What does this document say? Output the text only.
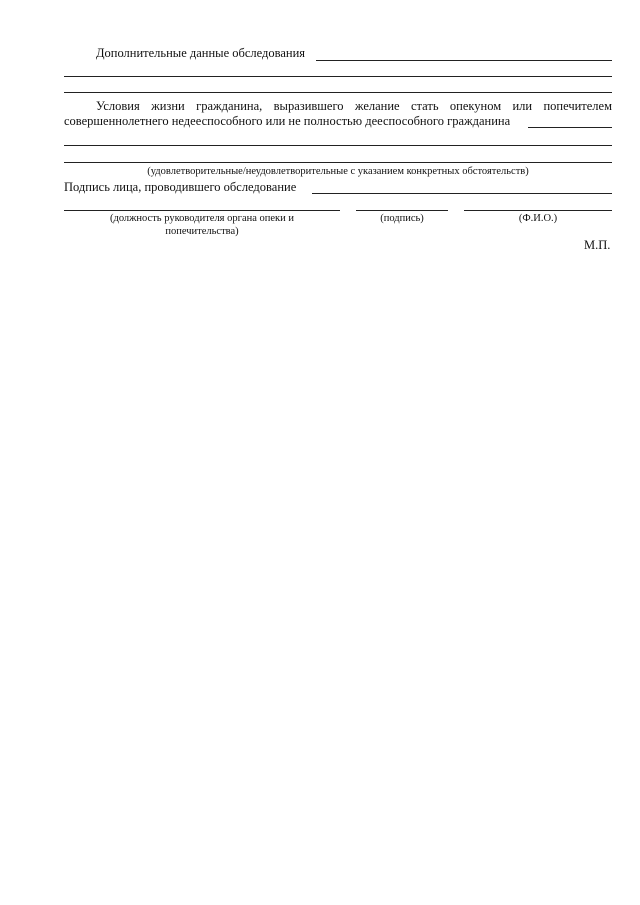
Дополнительные данные обследования
Условия жизни гражданина, выразившего желание стать опекуном или попечителем
совершеннолетнего недееспособного или не полностью дееспособного гражданина
(удовлетворительные/неудовлетворительные с указанием конкретных обстоятельств)
Подпись лица, проводившего обследование
(должность руководителя органа опеки и
попечительства)
(подпись)	(Ф.И.О.)
М.П.
